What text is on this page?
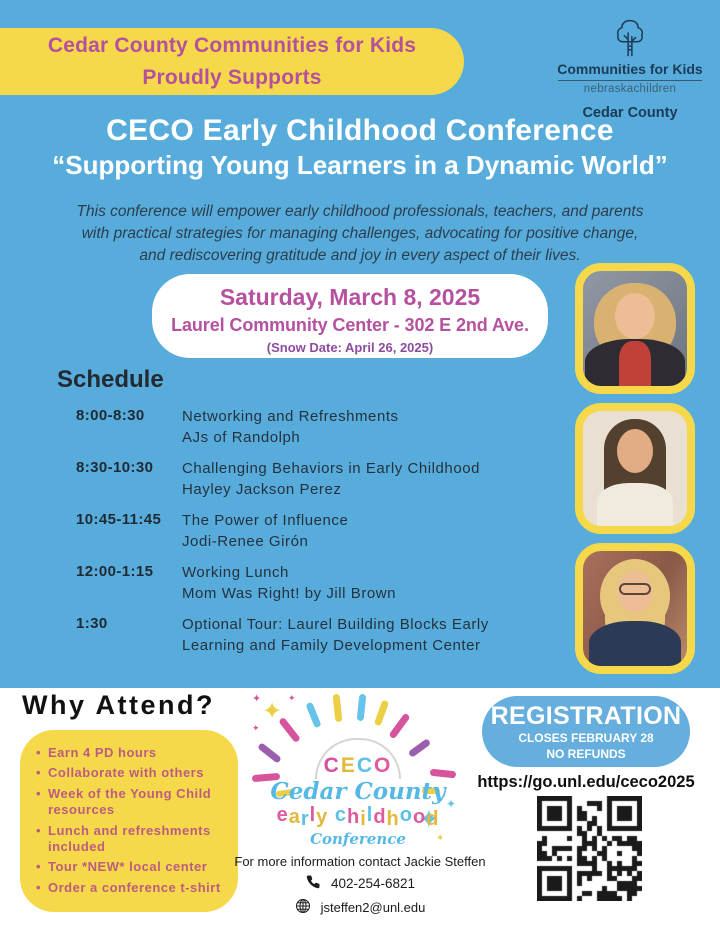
Cedar County Communities for Kids
Proudly Supports	Communities for Kids
nebraskachildren
Cedar County
CECO Early Childhood Conference
“Supporting Young Learners in a Dynamic World”
This conference will empower early childhood professionals, teachers, and parents
with practical strategies for managing challenges, advocating for positive change,
and rediscovering gratitude and joy in every aspect of their lives.
Saturday, March 8, 2025
Laurel Community Center - 302 E 2nd Ave.
(Snow Date: April 26, 2025)
Schedule
8:00-8:30	Networking and Refreshments
AJs of Randolph
8:30-10:30	Challenging Behaviors in Early Childhood
Hayley Jackson Perez
10:45-11:45	The Power of Influence
Jodi-Renee Girón
12:00-1:15	Working Lunch
Mom Was Right! by Jill Brown
1:30	Optional Tour: Laurel Building Blocks Early Learning and Family Development Center
Why Attend?
•
Earn 4 PD hours
•
Collaborate with others
•
Week of the Young Child resources
•
Lunch and refreshments included
•
Tour *NEW* local center
•
Order a conference t-shirt
✦
✦
✦
✦
✦
✦
✦
CECO
Cedar County
early childhood
Conference
For more information contact Jackie Steffen
402-254-6821
jsteffen2@unl.edu
REGISTRATION
CLOSES FEBRUARY 28
NO REFUNDS
https://go.unl.edu/ceco2025
